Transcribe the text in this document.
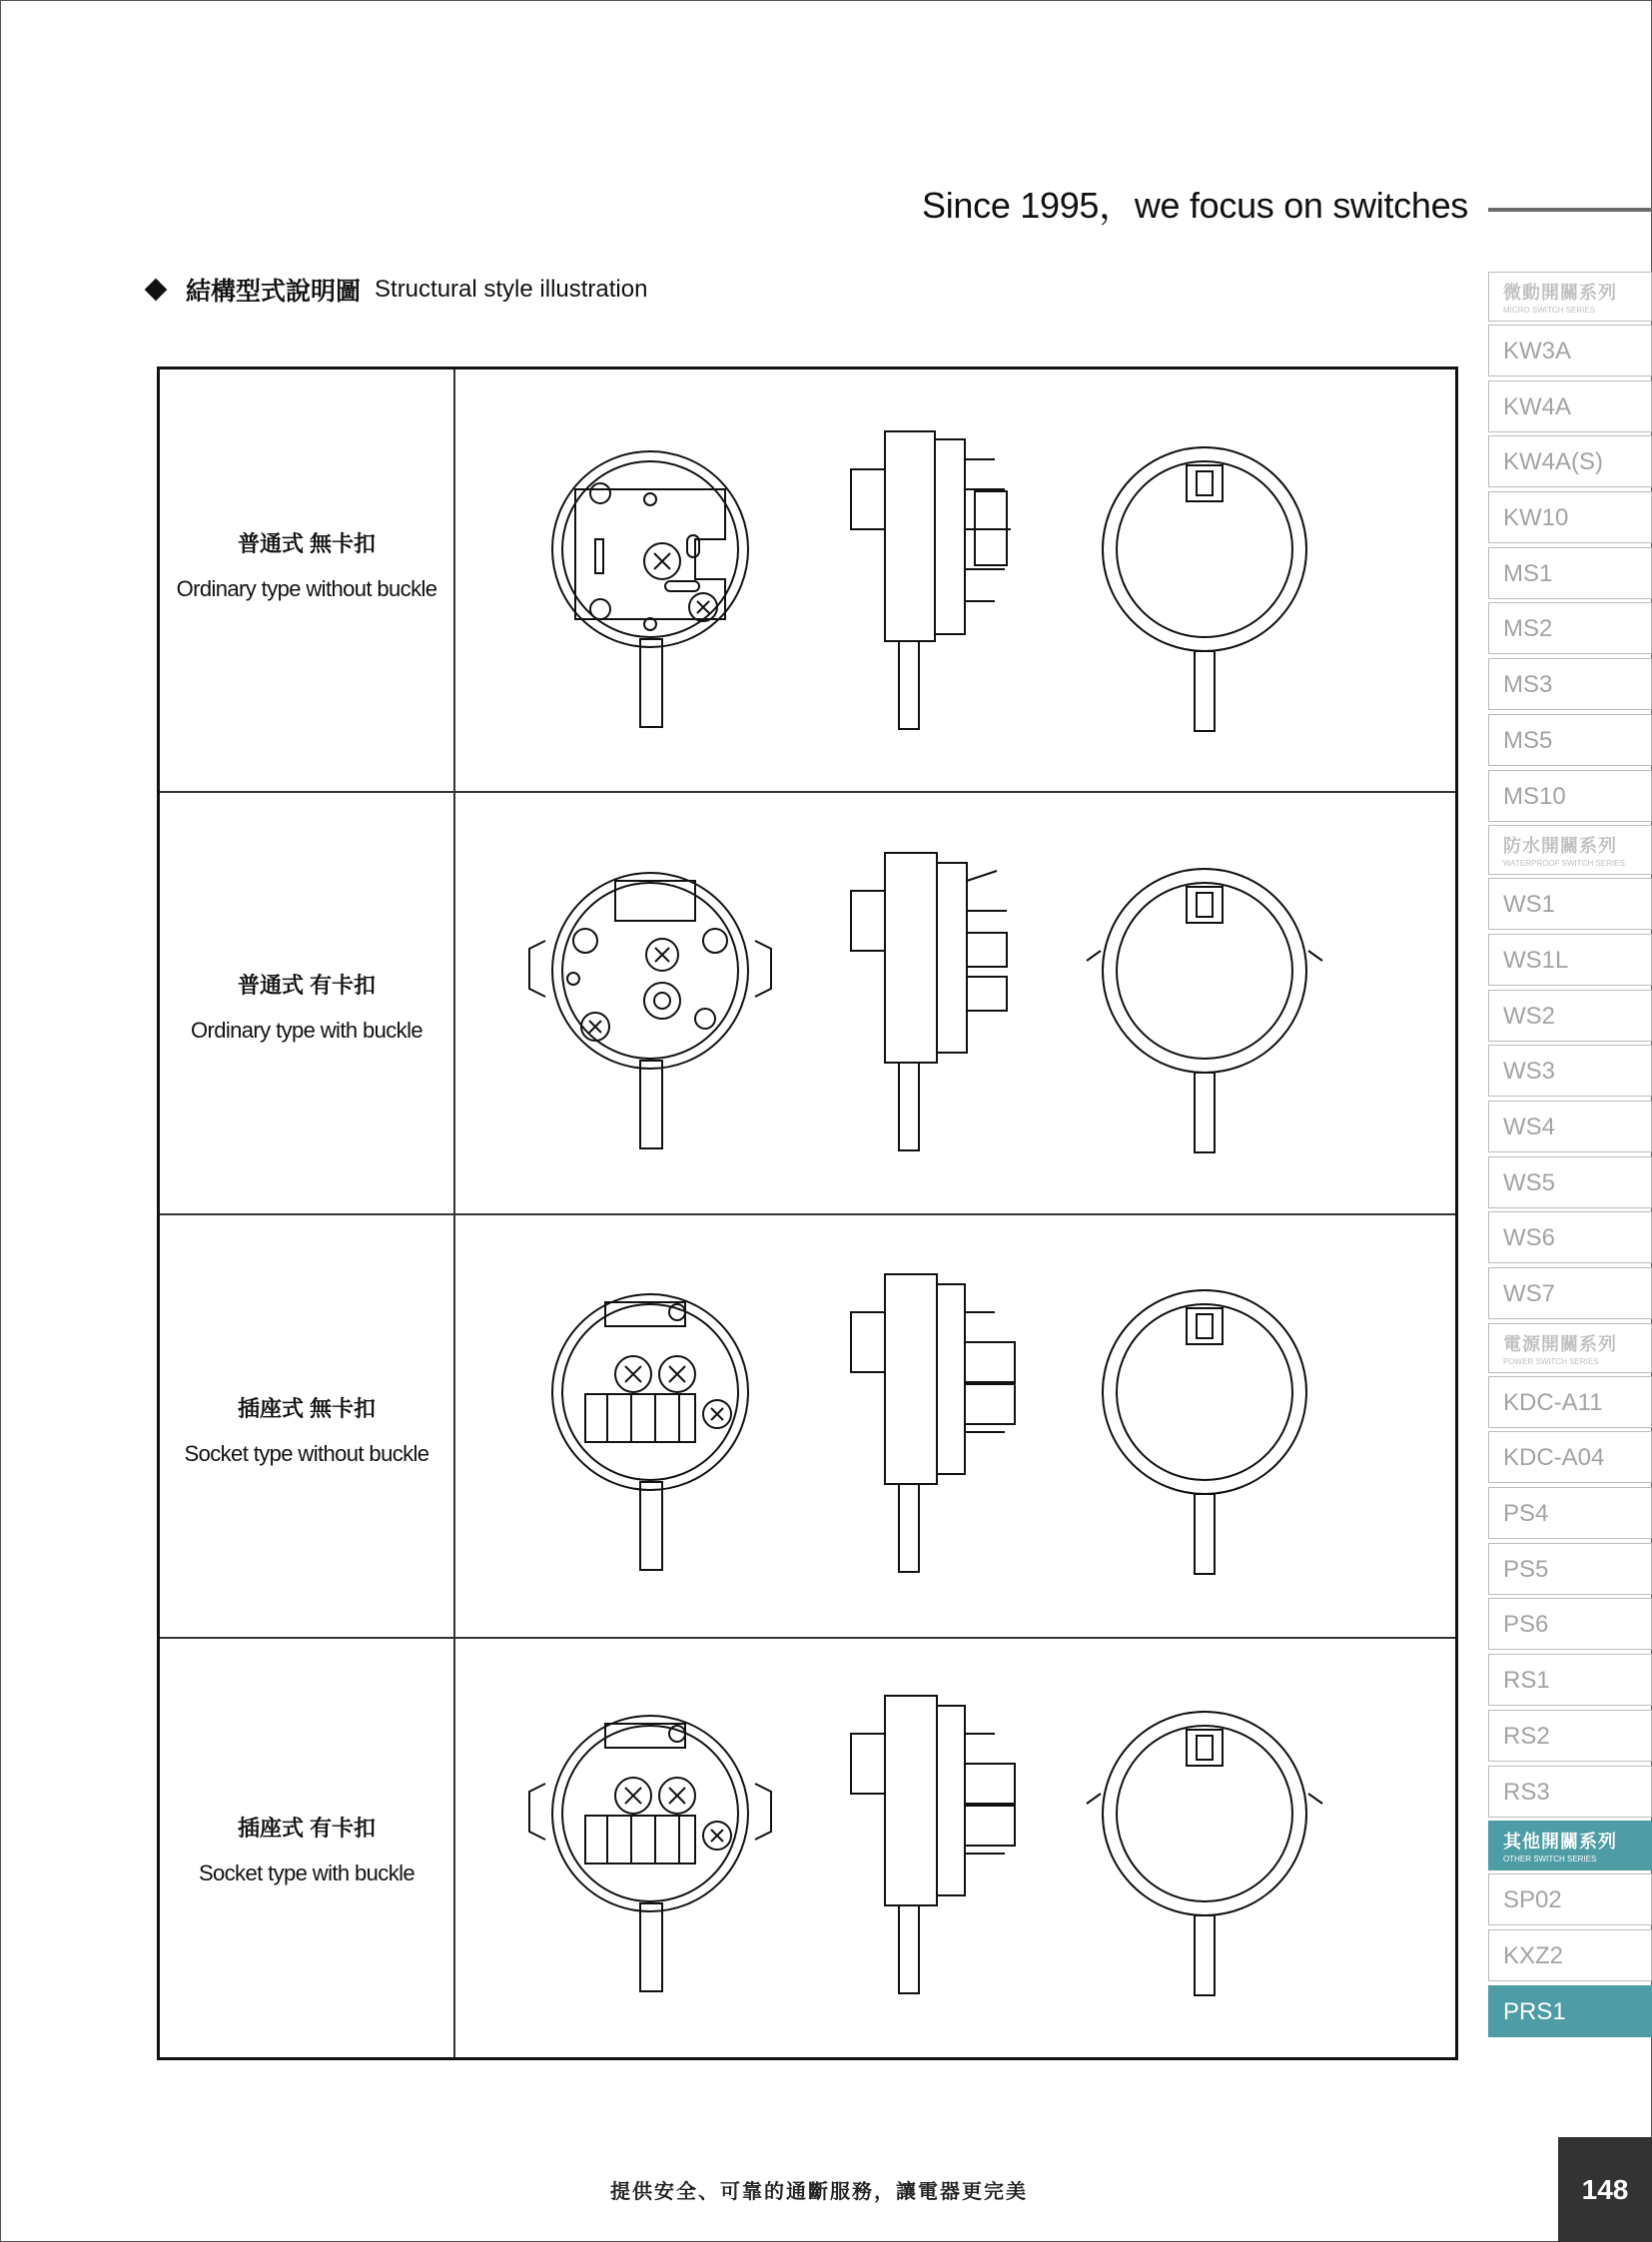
Since 1995，we focus on switches
結構型式說明圖 Structural style illustration
普通式 無卡扣
Ordinary type without buckle
普通式 有卡扣
Ordinary type with buckle
插座式 無卡扣
Socket type without buckle
插座式 有卡扣
Socket type with buckle
微動開關系列
MICRO SWITCH SERIES
KW3A
KW4A
KW4A(S)
KW10
MS1
MS2
MS3
MS5
MS10
防水開關系列
WATERPROOF SWITCH SERIES
WS1
WS1L
WS2
WS3
WS4
WS5
WS6
WS7
電源開關系列
POWER SWITCH SERIES
KDC-A11
KDC-A04
PS4
PS5
PS6
RS1
RS2
RS3
其他開關系列
OTHER SWITCH SERIES
SP02
KXZ2
PRS1
提供安全、可靠的通斷服務，讓電器更完美	148
